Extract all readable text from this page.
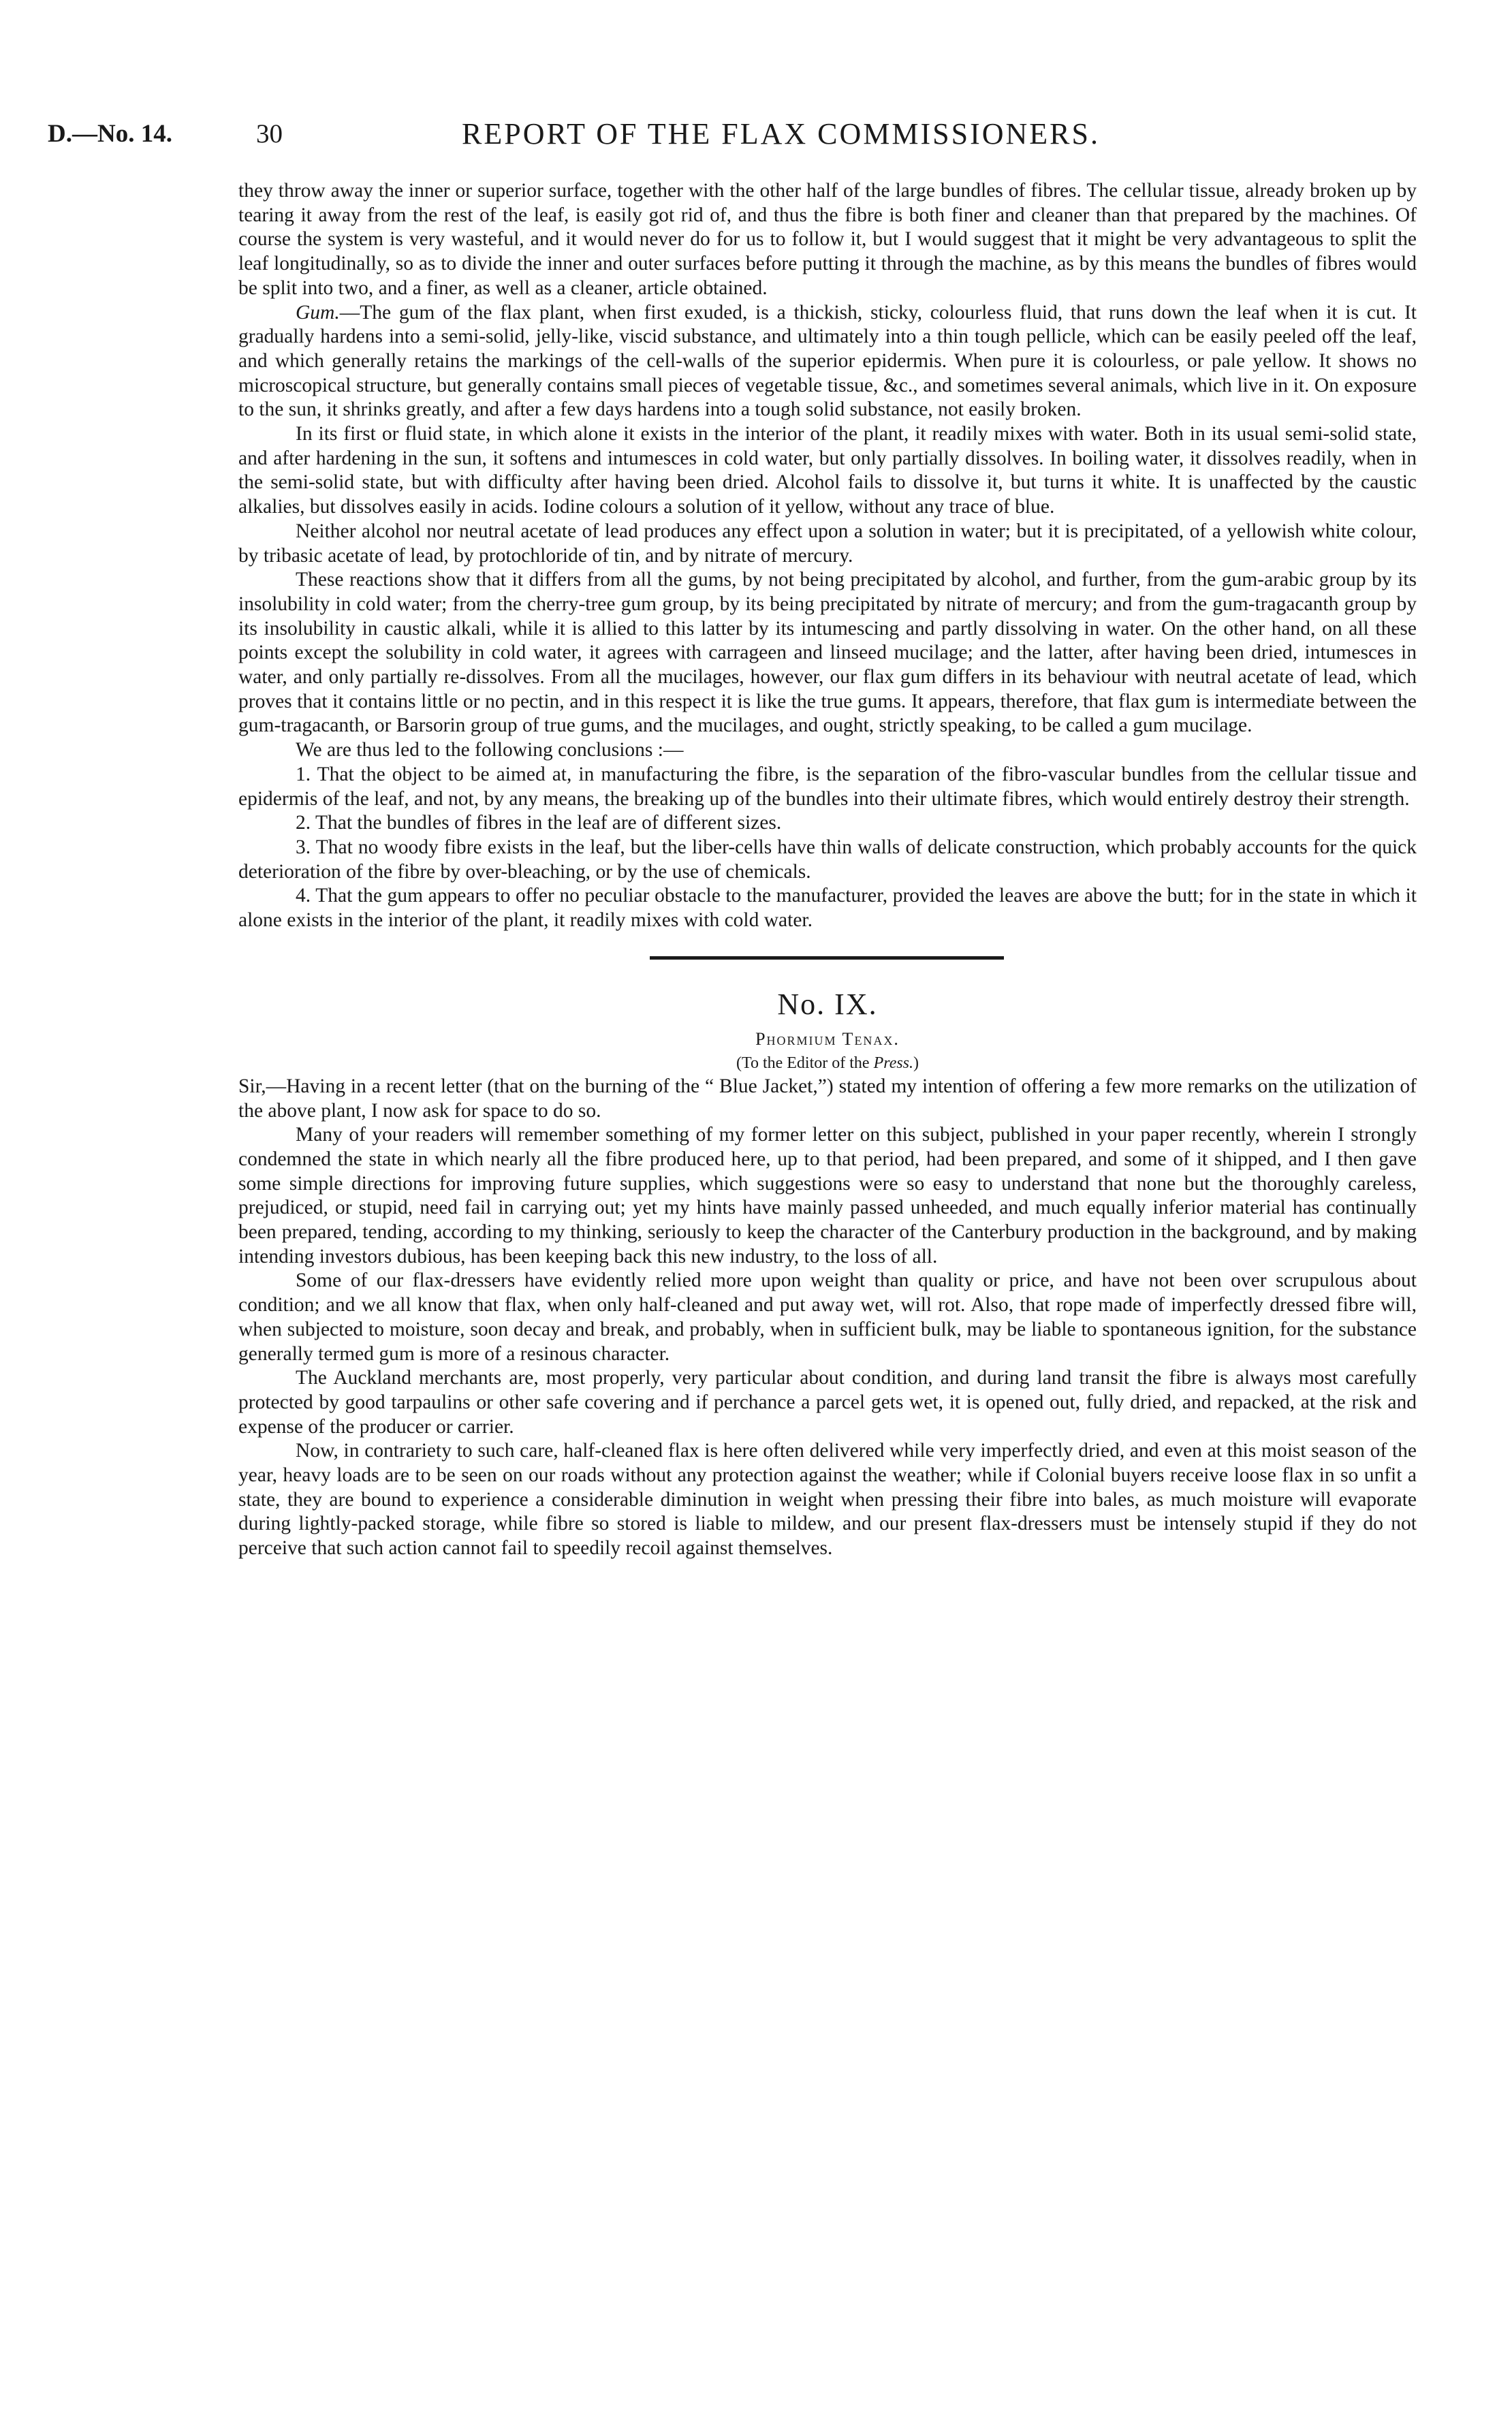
D.—No. 14.	30	REPORT OF THE FLAX COMMISSIONERS.

they throw away the inner or superior surface, together with the other half of the large bundles of fibres. The cellular tissue, already broken up by tearing it away from the rest of the leaf, is easily got rid of, and thus the fibre is both finer and cleaner than that prepared by the machines. Of course the system is very wasteful, and it would never do for us to follow it, but I would suggest that it might be very advantageous to split the leaf longitudinally, so as to divide the inner and outer surfaces before putting it through the machine, as by this means the bundles of fibres would be split into two, and a finer, as well as a cleaner, article obtained.

Gum.—The gum of the flax plant, when first exuded, is a thickish, sticky, colourless fluid, that runs down the leaf when it is cut. It gradually hardens into a semi-solid, jelly-like, viscid substance, and ultimately into a thin tough pellicle, which can be easily peeled off the leaf, and which generally retains the markings of the cell-walls of the superior epidermis. When pure it is colourless, or pale yellow. It shows no microscopical structure, but generally contains small pieces of vegetable tissue, &c., and sometimes several animals, which live in it. On exposure to the sun, it shrinks greatly, and after a few days hardens into a tough solid substance, not easily broken.

In its first or fluid state, in which alone it exists in the interior of the plant, it readily mixes with water. Both in its usual semi-solid state, and after hardening in the sun, it softens and intumesces in cold water, but only partially dissolves. In boiling water, it dissolves readily, when in the semi-solid state, but with difficulty after having been dried. Alcohol fails to dissolve it, but turns it white. It is unaffected by the caustic alkalies, but dissolves easily in acids. Iodine colours a solution of it yellow, without any trace of blue.

Neither alcohol nor neutral acetate of lead produces any effect upon a solution in water; but it is precipitated, of a yellowish white colour, by tribasic acetate of lead, by protochloride of tin, and by nitrate of mercury.

These reactions show that it differs from all the gums, by not being precipitated by alcohol, and further, from the gum-arabic group by its insolubility in cold water; from the cherry-tree gum group, by its being precipitated by nitrate of mercury; and from the gum-tragacanth group by its insolubility in caustic alkali, while it is allied to this latter by its intumescing and partly dissolving in water. On the other hand, on all these points except the solubility in cold water, it agrees with carrageen and linseed mucilage; and the latter, after having been dried, intumesces in water, and only partially re-dissolves. From all the mucilages, however, our flax gum differs in its behaviour with neutral acetate of lead, which proves that it contains little or no pectin, and in this respect it is like the true gums. It appears, therefore, that flax gum is intermediate between the gum-tragacanth, or Barsorin group of true gums, and the mucilages, and ought, strictly speaking, to be called a gum mucilage.

We are thus led to the following conclusions :—

1. That the object to be aimed at, in manufacturing the fibre, is the separation of the fibro-vascular bundles from the cellular tissue and epidermis of the leaf, and not, by any means, the breaking up of the bundles into their ultimate fibres, which would entirely destroy their strength.

2. That the bundles of fibres in the leaf are of different sizes.

3. That no woody fibre exists in the leaf, but the liber-cells have thin walls of delicate construction, which probably accounts for the quick deterioration of the fibre by over-bleaching, or by the use of chemicals.

4. That the gum appears to offer no peculiar obstacle to the manufacturer, provided the leaves are above the butt; for in the state in which it alone exists in the interior of the plant, it readily mixes with cold water.

No. IX.
Phormium Tenax.
(To the Editor of the Press.)

Sir,—Having in a recent letter (that on the burning of the “ Blue Jacket,”) stated my intention of offering a few more remarks on the utilization of the above plant, I now ask for space to do so.

Many of your readers will remember something of my former letter on this subject, published in your paper recently, wherein I strongly condemned the state in which nearly all the fibre produced here, up to that period, had been prepared, and some of it shipped, and I then gave some simple directions for improving future supplies, which suggestions were so easy to understand that none but the thoroughly careless, prejudiced, or stupid, need fail in carrying out; yet my hints have mainly passed unheeded, and much equally inferior material has continually been prepared, tending, according to my thinking, seriously to keep the character of the Canterbury production in the background, and by making intending investors dubious, has been keeping back this new industry, to the loss of all.

Some of our flax-dressers have evidently relied more upon weight than quality or price, and have not been over scrupulous about condition; and we all know that flax, when only half-cleaned and put away wet, will rot. Also, that rope made of imperfectly dressed fibre will, when subjected to moisture, soon decay and break, and probably, when in sufficient bulk, may be liable to spontaneous ignition, for the substance generally termed gum is more of a resinous character.

The Auckland merchants are, most properly, very particular about condition, and during land transit the fibre is always most carefully protected by good tarpaulins or other safe covering and if perchance a parcel gets wet, it is opened out, fully dried, and repacked, at the risk and expense of the producer or carrier.

Now, in contrariety to such care, half-cleaned flax is here often delivered while very imperfectly dried, and even at this moist season of the year, heavy loads are to be seen on our roads without any protection against the weather; while if Colonial buyers receive loose flax in so unfit a state, they are bound to experience a considerable diminution in weight when pressing their fibre into bales, as much moisture will evaporate during lightly-packed storage, while fibre so stored is liable to mildew, and our present flax-dressers must be intensely stupid if they do not perceive that such action cannot fail to speedily recoil against themselves.
